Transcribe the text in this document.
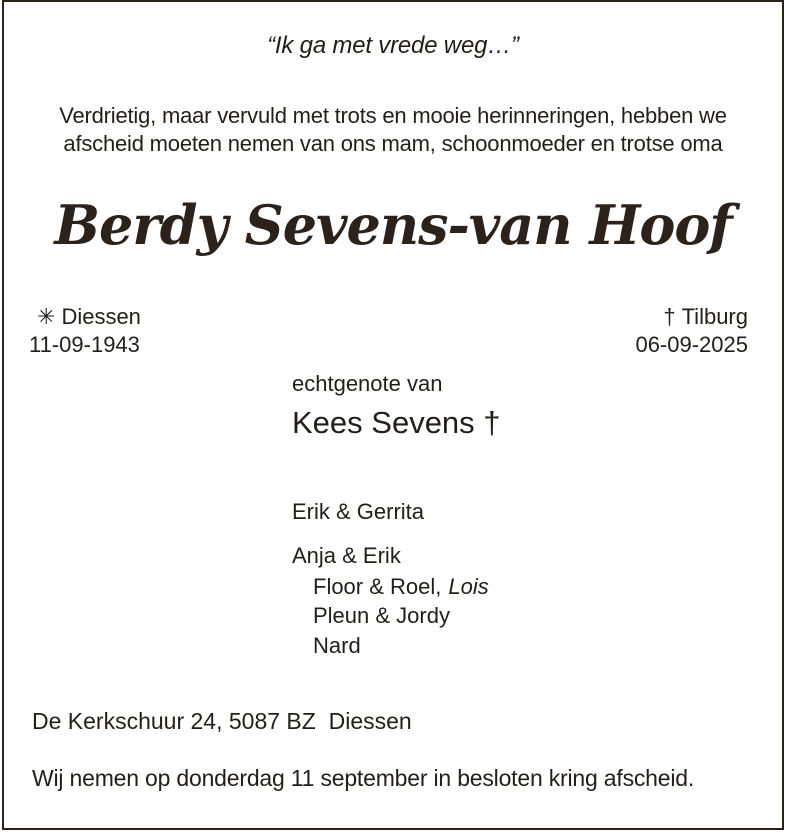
“Ik ga met vrede weg…”
Verdrietig, maar vervuld met trots en mooie herinneringen, hebben we
afscheid moeten nemen van ons mam, schoonmoeder en trotse oma
Berdy Sevens-van Hoof
✳ Diessen
11-09-1943
† Tilburg
06-09-2025
echtgenote van
Kees Sevens †
Erik & Gerrita
Anja & Erik
Floor & Roel, Lois
Pleun & Jordy
Nard
De Kerkschuur 24, 5087 BZ  Diessen
Wij nemen op donderdag 11 september in besloten kring afscheid.
